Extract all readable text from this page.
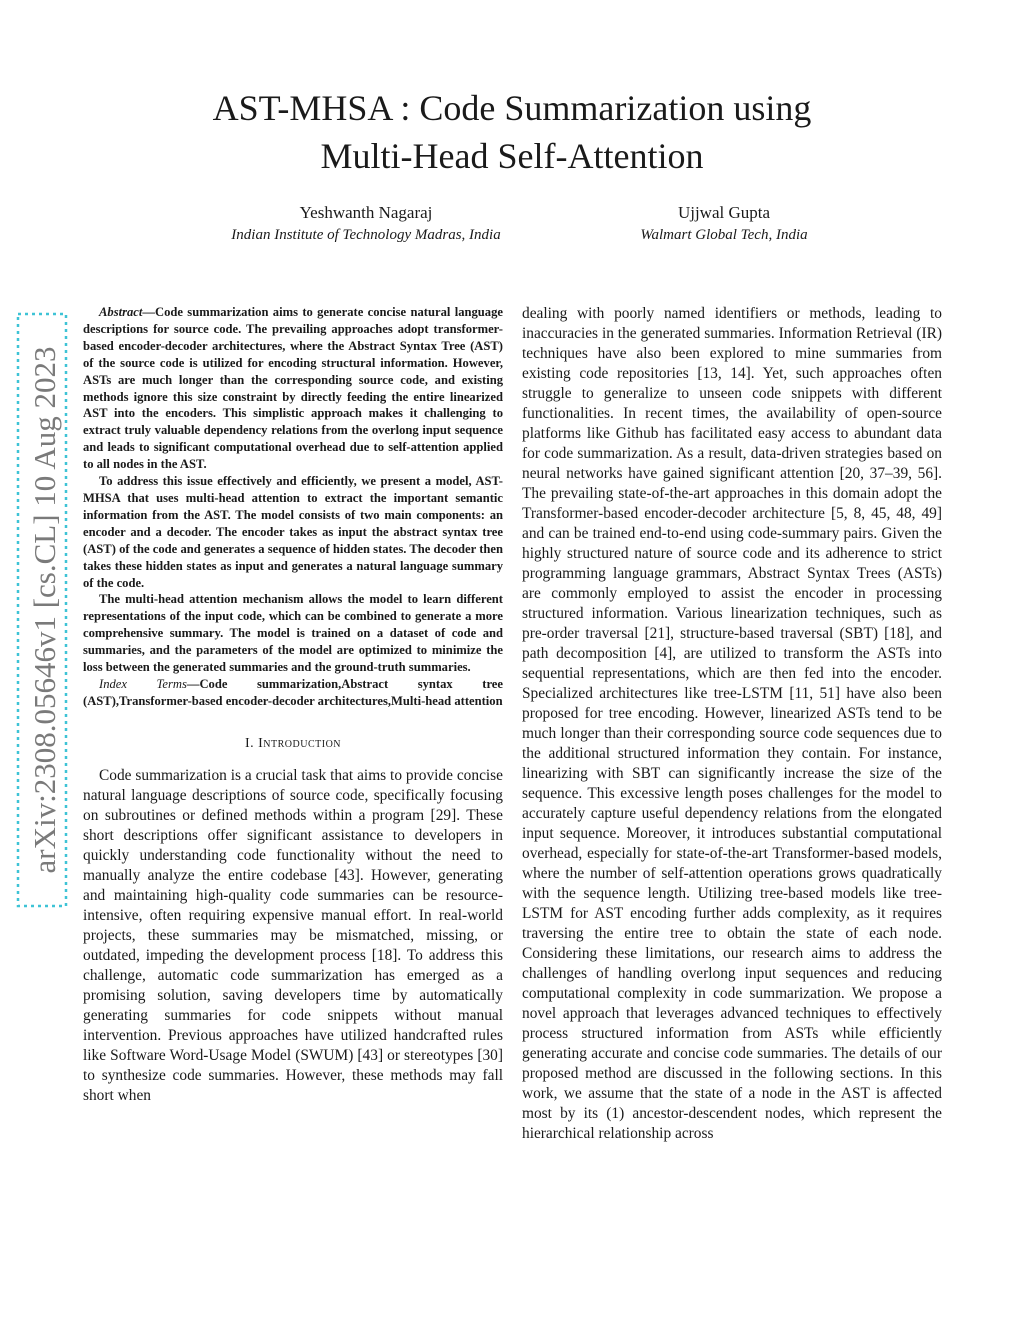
arXiv:2308.05646v1 [cs.CL] 10 Aug 2023
AST-MHSA : Code Summarization using
Multi-Head Self-Attention
Yeshwanth Nagaraj
Indian Institute of Technology Madras, India
Ujjwal Gupta
Walmart Global Tech, India

Abstract—Code summarization aims to generate concise natural language descriptions for source code. The prevailing approaches adopt transformer-based encoder-decoder architectures, where the Abstract Syntax Tree (AST) of the source code is utilized for encoding structural information. However, ASTs are much longer than the corresponding source code, and existing methods ignore this size constraint by directly feeding the entire linearized AST into the encoders. This simplistic approach makes it challenging to extract truly valuable dependency relations from the overlong input sequence and leads to significant computational overhead due to self-attention applied to all nodes in the AST.

To address this issue effectively and efficiently, we present a model, AST-MHSA that uses multi-head attention to extract the important semantic information from the AST. The model consists of two main components: an encoder and a decoder. The encoder takes as input the abstract syntax tree (AST) of the code and generates a sequence of hidden states. The decoder then takes these hidden states as input and generates a natural language summary of the code.

The multi-head attention mechanism allows the model to learn different representations of the input code, which can be combined to generate a more comprehensive summary. The model is trained on a dataset of code and summaries, and the parameters of the model are optimized to minimize the loss between the generated summaries and the ground-truth summaries.

Index Terms—Code summarization,Abstract syntax tree (AST),Transformer-based encoder-decoder architectures,Multi-head attention

I. Introduction

Code summarization is a crucial task that aims to provide concise natural language descriptions of source code, specifically focusing on subroutines or defined methods within a program [29]. These short descriptions offer significant assistance to developers in quickly understanding code functionality without the need to manually analyze the entire codebase [43]. However, generating and maintaining high-quality code summaries can be resource-intensive, often requiring expensive manual effort. In real-world projects, these summaries may be mismatched, missing, or outdated, impeding the development process [18]. To address this challenge, automatic code summarization has emerged as a promising solution, saving developers time by automatically generating summaries for code snippets without manual intervention. Previous approaches have utilized handcrafted rules like Software Word-Usage Model (SWUM) [43] or stereotypes [30] to synthesize code summaries. However, these methods may fall short when

dealing with poorly named identifiers or methods, leading to inaccuracies in the generated summaries. Information Retrieval (IR) techniques have also been explored to mine summaries from existing code repositories [13, 14]. Yet, such approaches often struggle to generalize to unseen code snippets with different functionalities. In recent times, the availability of open-source platforms like Github has facilitated easy access to abundant data for code summarization. As a result, data-driven strategies based on neural networks have gained significant attention [20, 37–39, 56]. The prevailing state-of-the-art approaches in this domain adopt the Transformer-based encoder-decoder architecture [5, 8, 45, 48, 49] and can be trained end-to-end using code-summary pairs. Given the highly structured nature of source code and its adherence to strict programming language grammars, Abstract Syntax Trees (ASTs) are commonly employed to assist the encoder in processing structured information. Various linearization techniques, such as pre-order traversal [21], structure-based traversal (SBT) [18], and path decomposition [4], are utilized to transform the ASTs into sequential representations, which are then fed into the encoder. Specialized architectures like tree-LSTM [11, 51] have also been proposed for tree encoding. However, linearized ASTs tend to be much longer than their corresponding source code sequences due to the additional structured information they contain. For instance, linearizing with SBT can significantly increase the size of the sequence. This excessive length poses challenges for the model to accurately capture useful dependency relations from the elongated input sequence. Moreover, it introduces substantial computational overhead, especially for state-of-the-art Transformer-based models, where the number of self-attention operations grows quadratically with the sequence length. Utilizing tree-based models like tree-LSTM for AST encoding further adds complexity, as it requires traversing the entire tree to obtain the state of each node. Considering these limitations, our research aims to address the challenges of handling overlong input sequences and reducing computational complexity in code summarization. We propose a novel approach that leverages advanced techniques to effectively process structured information from ASTs while efficiently generating accurate and concise code summaries. The details of our proposed method are discussed in the following sections. In this work, we assume that the state of a node in the AST is affected most by its (1) ancestor-descendent nodes, which represent the hierarchical relationship across
